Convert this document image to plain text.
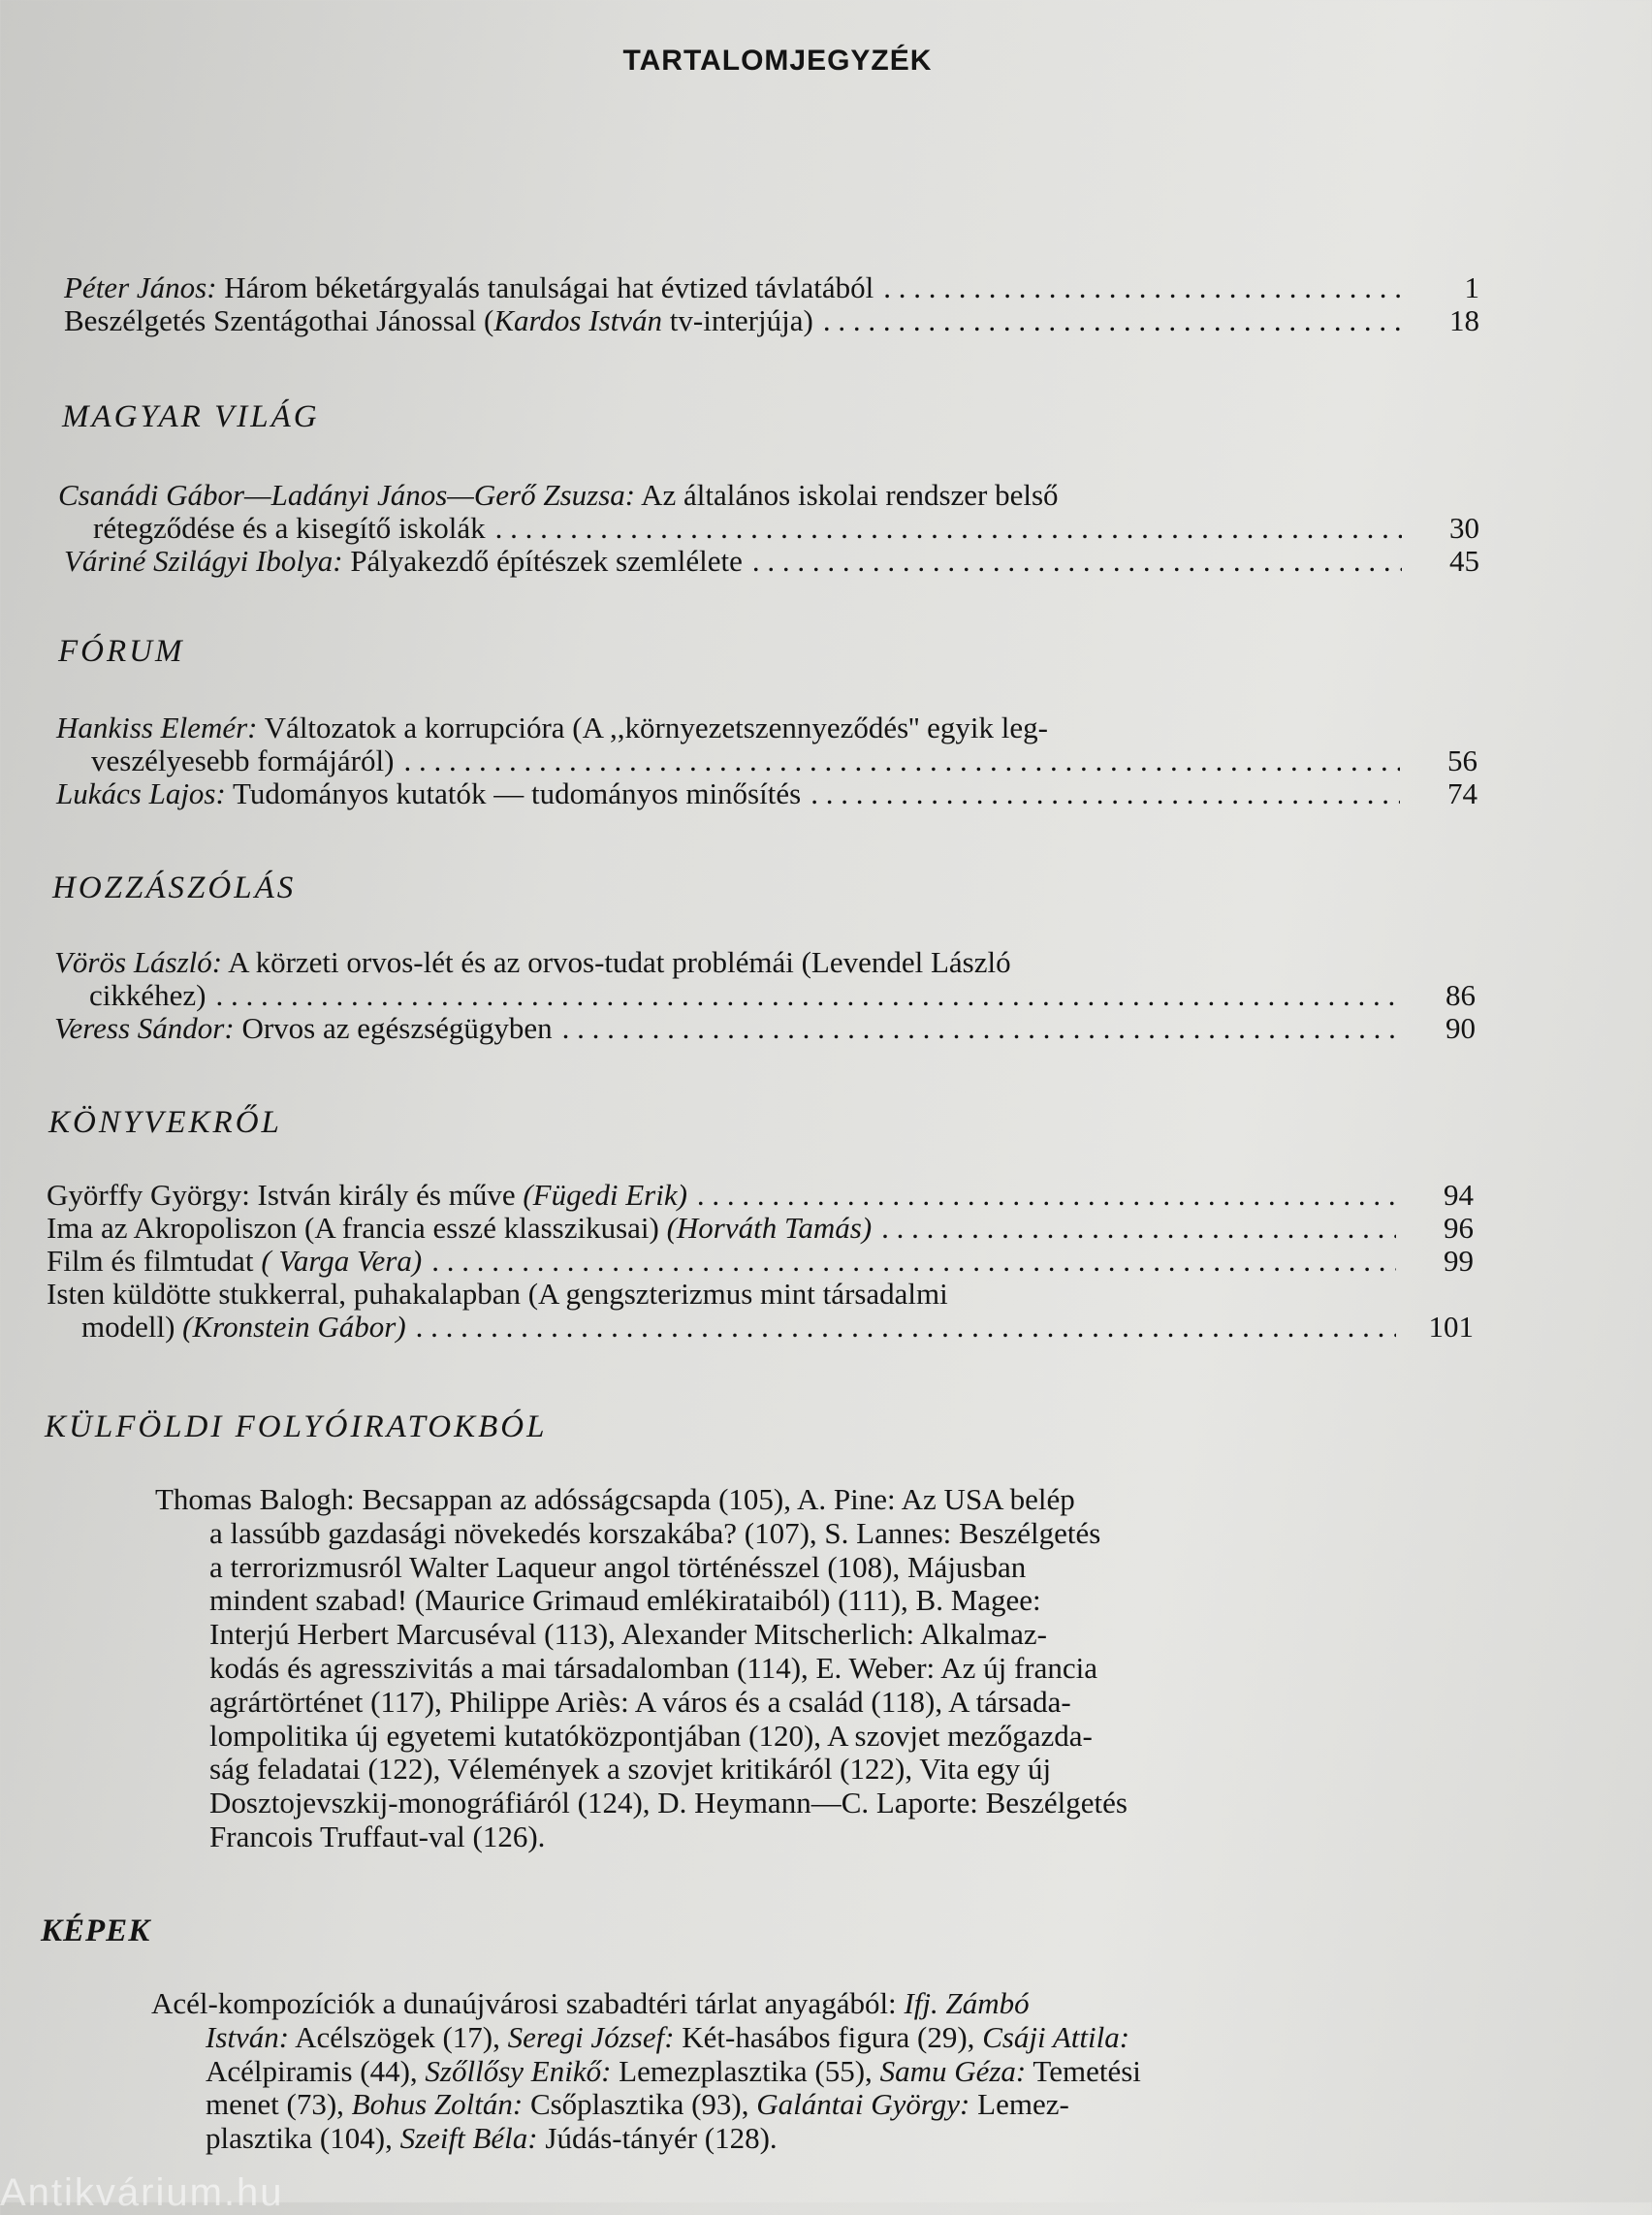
TARTALOMJEGYZÉK
Péter János: Három béketárgyalás tanulságai hat évtized távlatából . . .	1
Beszélgetés Szentágothai Jánossal (Kardos István tv-interjúja) . . .	18
MAGYAR VILÁG
Csanádi Gábor—Ladányi János—Gerő Zsuzsa: Az általános iskolai rendszer belső
rétegződése és a kisegítő iskolák . . .	30
Váriné Szilágyi Ibolya: Pályakezdő építészek szemlélete . . .	45
FÓRUM
Hankiss Elemér: Változatok a korrupcióra (A ,,környezetszennyeződés'' egyik leg-
veszélyesebb formájáról) . . .	56
Lukács Lajos: Tudományos kutatók — tudományos minősítés . . .	74
HOZZÁSZÓLÁS
Vörös László: A körzeti orvos-lét és az orvos-tudat problémái (Levendel László
cikkéhez) . . .	86
Veress Sándor: Orvos az egészségügyben . . .	90
KÖNYVEKRŐL
Györffy György: István király és műve (Fügedi Erik) . . .	94
Ima az Akropoliszon (A francia esszé klasszikusai) (Horváth Tamás) . . .	96
Film és filmtudat ( Varga Vera) . . .	99
Isten küldötte stukkerral, puhakalapban (A gengszterizmus mint társadalmi
modell) (Kronstein Gábor) . . .	101
KÜLFÖLDI FOLYÓIRATOKBÓL
Thomas Balogh: Becsappan az adósságcsapda (105), A. Pine: Az USA belép
a lassúbb gazdasági növekedés korszakába? (107), S. Lannes: Beszélgetés
a terrorizmusról Walter Laqueur angol történésszel (108), Májusban
mindent szabad! (Maurice Grimaud emlékirataiból) (111), B. Magee:
Interjú Herbert Marcuséval (113), Alexander Mitscherlich: Alkalmaz-
kodás és agresszivitás a mai társadalomban (114), E. Weber: Az új francia
agrártörténet (117), Philippe Ariès: A város és a család (118), A társada-
lompolitika új egyetemi kutatóközpontjában (120), A szovjet mezőgazda-
ság feladatai (122), Vélemények a szovjet kritikáról (122), Vita egy új
Dosztojevszkij-monográfiáról (124), D. Heymann—C. Laporte: Beszélgetés
Francois Truffaut-val (126).
KÉPEK
Acél-kompozíciók a dunaújvárosi szabadtéri tárlat anyagából: Ifj. Zámbó
István: Acélszögek (17), Seregi József: Két-hasábos figura (29), Csáji Attila:
Acélpiramis (44), Szőllősy Enikő: Lemezplasztika (55), Samu Géza: Temetési
menet (73), Bohus Zoltán: Csőplasztika (93), Galántai György: Lemez-
plasztika (104), Szeift Béla: Júdás-tányér (128).
Antikvárium.hu
